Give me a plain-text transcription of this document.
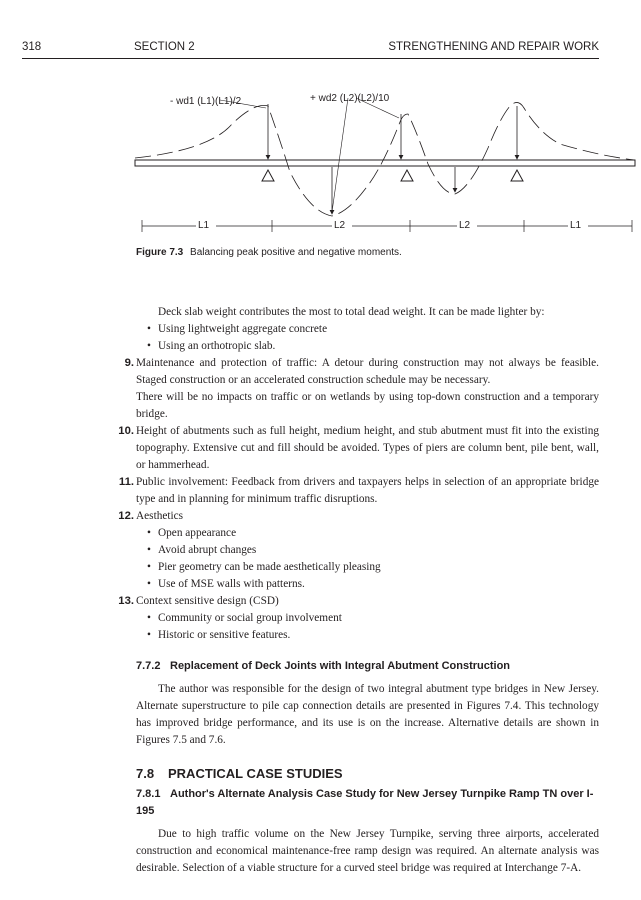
318	SECTION 2	STRENGTHENING AND REPAIR WORK
- wd1 (L1)(L1)/2	+ wd2 (L2)(L2)/10
L1	L2	L2	L1
Figure 7.3 Balancing peak positive and negative moments.

Deck slab weight contributes the most to total dead weight. It can be made lighter by:

• Using lightweight aggregate concrete

• Using an orthotropic slab.

9. Maintenance and protection of traffic: A detour during construction may not always be feasible. Staged construction or an accelerated construction schedule may be necessary.

There will be no impacts on traffic or on wetlands by using top-down construction and a temporary bridge.

10. Height of abutments such as full height, medium height, and stub abutment must fit into the existing topography. Extensive cut and fill should be avoided. Types of piers are column bent, pile bent, wall, or hammerhead.

11. Public involvement: Feedback from drivers and taxpayers helps in selection of an appropriate bridge type and in planning for minimum traffic disruptions.

12. Aesthetics

• Open appearance

• Avoid abrupt changes

• Pier geometry can be made aesthetically pleasing

• Use of MSE walls with patterns.

13. Context sensitive design (CSD)

• Community or social group involvement

• Historic or sensitive features.

7.7.2 Replacement of Deck Joints with Integral Abutment Construction

The author was responsible for the design of two integral abutment type bridges in New Jersey. Alternate superstructure to pile cap connection details are presented in Figures 7.4. This technology has improved bridge performance, and its use is on the increase. Alternative details are shown in Figures 7.5 and 7.6.

7.8 PRACTICAL CASE STUDIES
7.8.1 Author's Alternate Analysis Case Study for New Jersey Turnpike Ramp TN over I-195

Due to high traffic volume on the New Jersey Turnpike, serving three airports, accelerated construction and economical maintenance-free ramp design was required. An alternate analysis was desirable. Selection of a viable structure for a curved steel bridge was required at Interchange 7-A.
